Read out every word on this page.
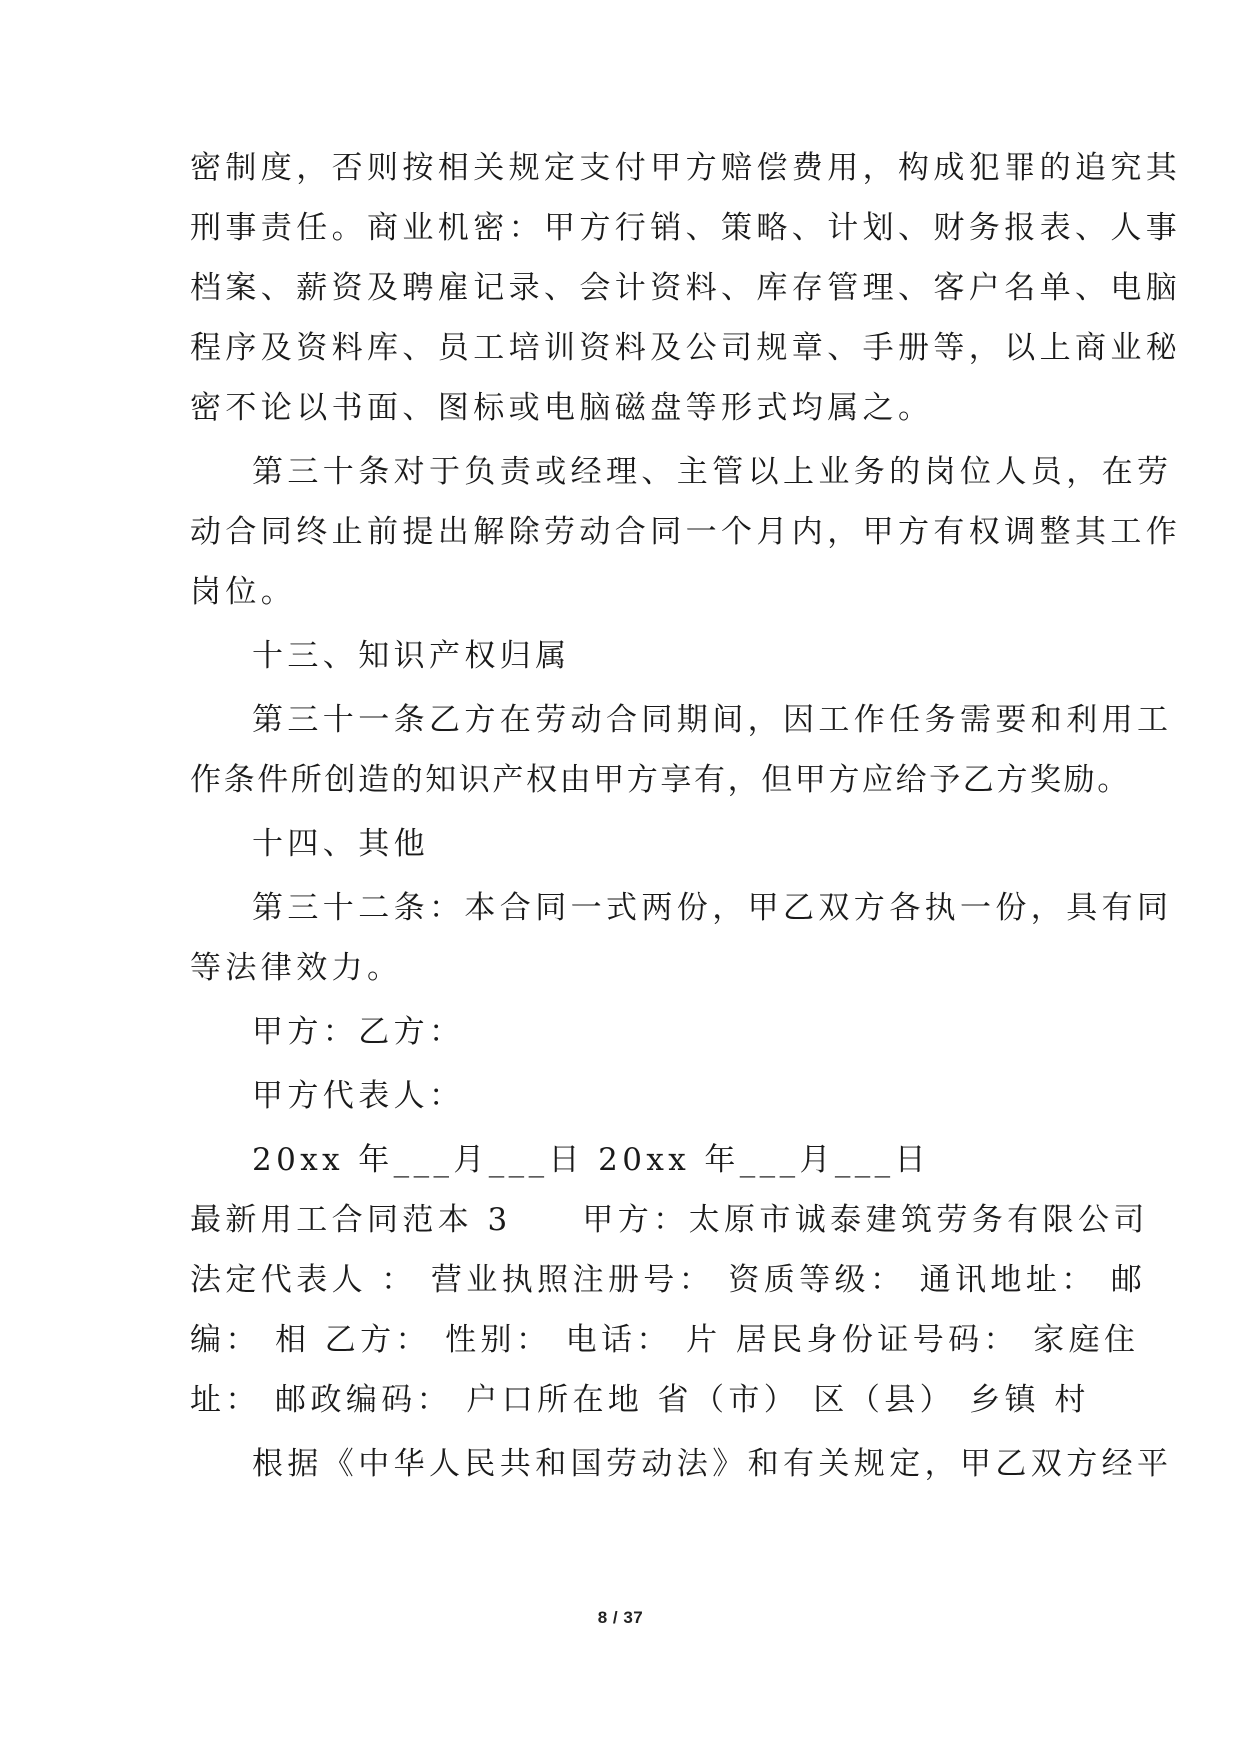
密制度，否则按相关规定支付甲方赔偿费用，构成犯罪的追究其
刑事责任。商业机密：甲方行销、策略、计划、财务报表、人事
档案、薪资及聘雇记录、会计资料、库存管理、客户名单、电脑
程序及资料库、员工培训资料及公司规章、手册等，以上商业秘
密不论以书面、图标或电脑磁盘等形式均属之。
第三十条对于负责或经理、主管以上业务的岗位人员，在劳
动合同终止前提出解除劳动合同一个月内，甲方有权调整其工作
岗位。
十三、知识产权归属
第三十一条乙方在劳动合同期间，因工作任务需要和利用工
作条件所创造的知识产权由甲方享有，但甲方应给予乙方奖励。
十四、其他
第三十二条：本合同一式两份，甲乙双方各执一份，具有同
等法律效力。
甲方：乙方：
甲方代表人：
20xx 年___月___日 20xx 年___月___日
最新用工合同范本 3　　甲方：太原市诚泰建筑劳务有限公司
法定代表人 ： 营业执照注册号： 资质等级： 通讯地址： 邮
编： 相 乙方： 性别： 电话： 片 居民身份证号码： 家庭住
址： 邮政编码： 户口所在地 省（市） 区（县） 乡镇 村
根据《中华人民共和国劳动法》和有关规定，甲乙双方经平
8 / 37
